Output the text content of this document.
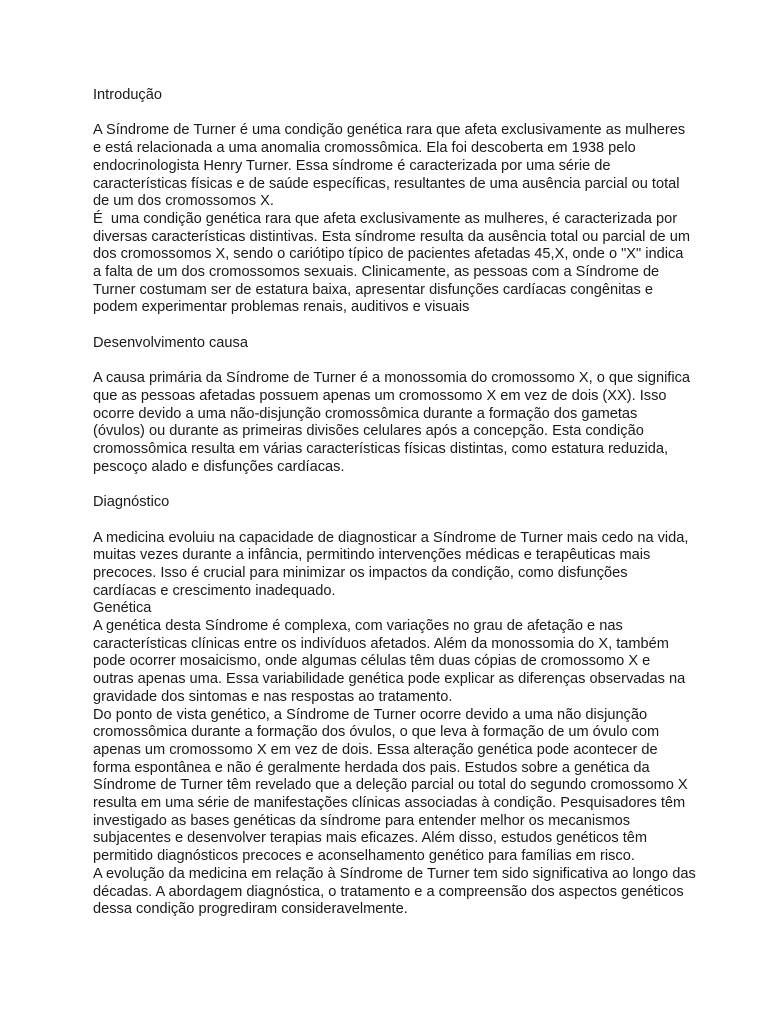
Introdução
A Síndrome de Turner é uma condição genética rara que afeta exclusivamente as mulheres
e está relacionada a uma anomalia cromossômica. Ela foi descoberta em 1938 pelo
endocrinologista Henry Turner. Essa síndrome é caracterizada por uma série de
características físicas e de saúde específicas, resultantes de uma ausência parcial ou total
de um dos cromossomos X.
É  uma condição genética rara que afeta exclusivamente as mulheres, é caracterizada por
diversas características distintivas. Esta síndrome resulta da ausência total ou parcial de um
dos cromossomos X, sendo o cariótipo típico de pacientes afetadas 45,X, onde o "X" indica
a falta de um dos cromossomos sexuais. Clinicamente, as pessoas com a Síndrome de
Turner costumam ser de estatura baixa, apresentar disfunções cardíacas congênitas e
podem experimentar problemas renais, auditivos e visuais
Desenvolvimento causa
A causa primária da Síndrome de Turner é a monossomia do cromossomo X, o que significa
que as pessoas afetadas possuem apenas um cromossomo X em vez de dois (XX). Isso
ocorre devido a uma não-disjunção cromossômica durante a formação dos gametas
(óvulos) ou durante as primeiras divisões celulares após a concepção. Esta condição
cromossômica resulta em várias características físicas distintas, como estatura reduzida,
pescoço alado e disfunções cardíacas.
Diagnóstico
A medicina evoluiu na capacidade de diagnosticar a Síndrome de Turner mais cedo na vida,
muitas vezes durante a infância, permitindo intervenções médicas e terapêuticas mais
precoces. Isso é crucial para minimizar os impactos da condição, como disfunções
cardíacas e crescimento inadequado.
Genética
A genética desta Síndrome é complexa, com variações no grau de afetação e nas
características clínicas entre os indivíduos afetados. Além da monossomia do X, também
pode ocorrer mosaicismo, onde algumas células têm duas cópias de cromossomo X e
outras apenas uma. Essa variabilidade genética pode explicar as diferenças observadas na
gravidade dos sintomas e nas respostas ao tratamento.
Do ponto de vista genético, a Síndrome de Turner ocorre devido a uma não disjunção
cromossômica durante a formação dos óvulos, o que leva à formação de um óvulo com
apenas um cromossomo X em vez de dois. Essa alteração genética pode acontecer de
forma espontânea e não é geralmente herdada dos pais. Estudos sobre a genética da
Síndrome de Turner têm revelado que a deleção parcial ou total do segundo cromossomo X
resulta em uma série de manifestações clínicas associadas à condição. Pesquisadores têm
investigado as bases genéticas da síndrome para entender melhor os mecanismos
subjacentes e desenvolver terapias mais eficazes. Além disso, estudos genéticos têm
permitido diagnósticos precoces e aconselhamento genético para famílias em risco.
A evolução da medicina em relação à Síndrome de Turner tem sido significativa ao longo das
décadas. A abordagem diagnóstica, o tratamento e a compreensão dos aspectos genéticos
dessa condição progrediram consideravelmente.
